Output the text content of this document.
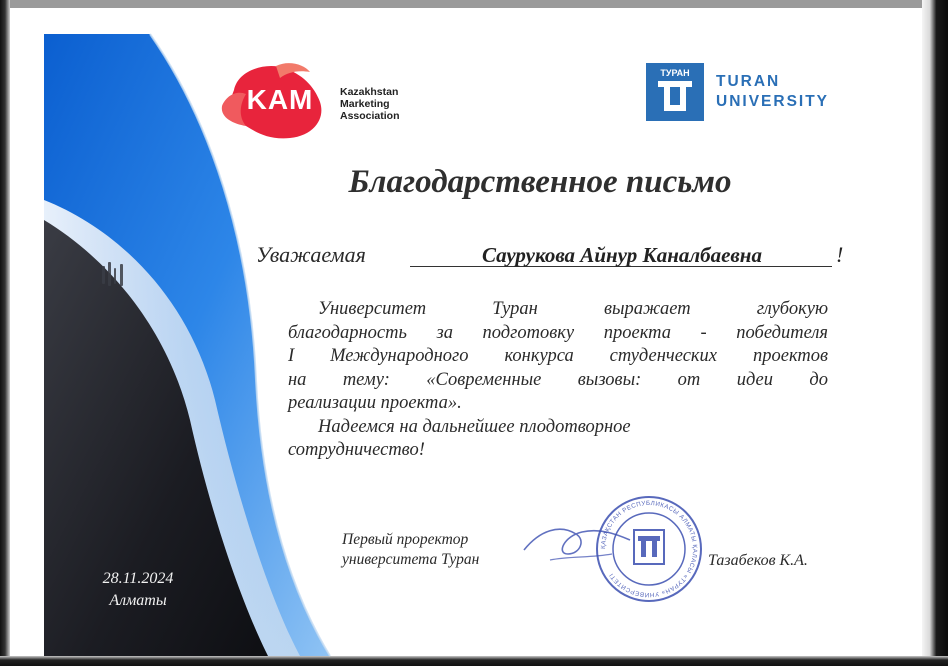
KAM	Kazakhstan
Marketing
Association
ТУРАН TURAN
UNIVERSITY
Благодарственное письмо
Уважаемая	Саурукова Айнур Каналбаевна	!

Университет Туран выражает глубокую

благодарность за подготовку проекта - победителя

I Международного конкурса студенческих проектов

на тему: «Современные вызовы: от идеи до

реализации проекта».

Надеемся на дальнейшее плодотворное

сотрудничество!

Первый проректор
университета Туран
ҚАЗАҚСТАН РЕСПУБЛИКАСЫ АЛМАТЫ ҚАЛАСЫ «ТУРАН» УНИВЕРСИТЕТІ
Тазабеков К.А.
28.11.2024
Алматы
